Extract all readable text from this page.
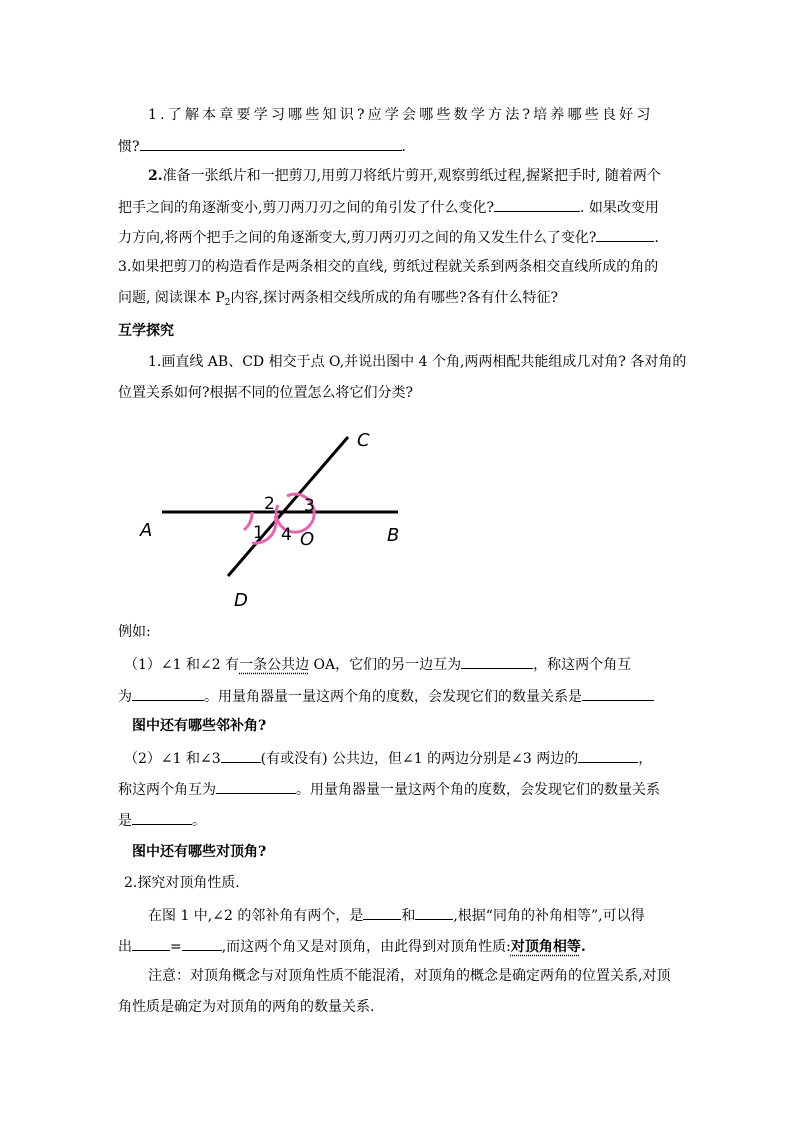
1.了解本章要学习哪些知识?应学会哪些数学方法?培养哪些良好习
惯?	.
2.准备一张纸片和一把剪刀,用剪刀将纸片剪开,观察剪纸过程,握紧把手时, 随着两个
把手之间的角逐渐变小,剪刀两刀刃之间的角引发了什么变化?	. 如果改变用
力方向,将两个把手之间的角逐渐变大,剪刀两刃刃之间的角又发生什么了变化?	.
3.如果把剪刀的构造看作是两条相交的直线, 剪纸过程就关系到两条相交直线所成的角的
问题, 阅读课本 $P_2$内容,探讨两条相交线所成的角有哪些?各有什么特征?
互学探究
1.画直线 AB、CD 相交于点 O,并说出图中 4 个角,两两相配共能组成几对角? 各对角的
位置关系如何?根据不同的位置怎么将它们分类?
C
A	B
D
O
2 3
1 4
例如:
（1）∠1 和∠2 有一条公共边 OA，它们的另一边互为	，称这两个角互
为	。用量角器量一量这两个角的度数，会发现它们的数量关系是
图中还有哪些邻补角?
（2）∠1 和∠3	(有或没有) 公共边，但∠1 的两边分别是∠3 两边的	，
称这两个角互为	。用量角器量一量这两个角的度数，会发现它们的数量关系
是	。
图中还有哪些对顶角?
2.探究对顶角性质.
在图 1 中,∠2 的邻补角有两个，是	和	,根据“同角的补角相等”,可以得
出	=	,而这两个角又是对顶角，由此得到对顶角性质:对顶角相等.
注意：对顶角概念与对顶角性质不能混淆，对顶角的概念是确定两角的位置关系,对顶
角性质是确定为对顶角的两角的数量关系.
